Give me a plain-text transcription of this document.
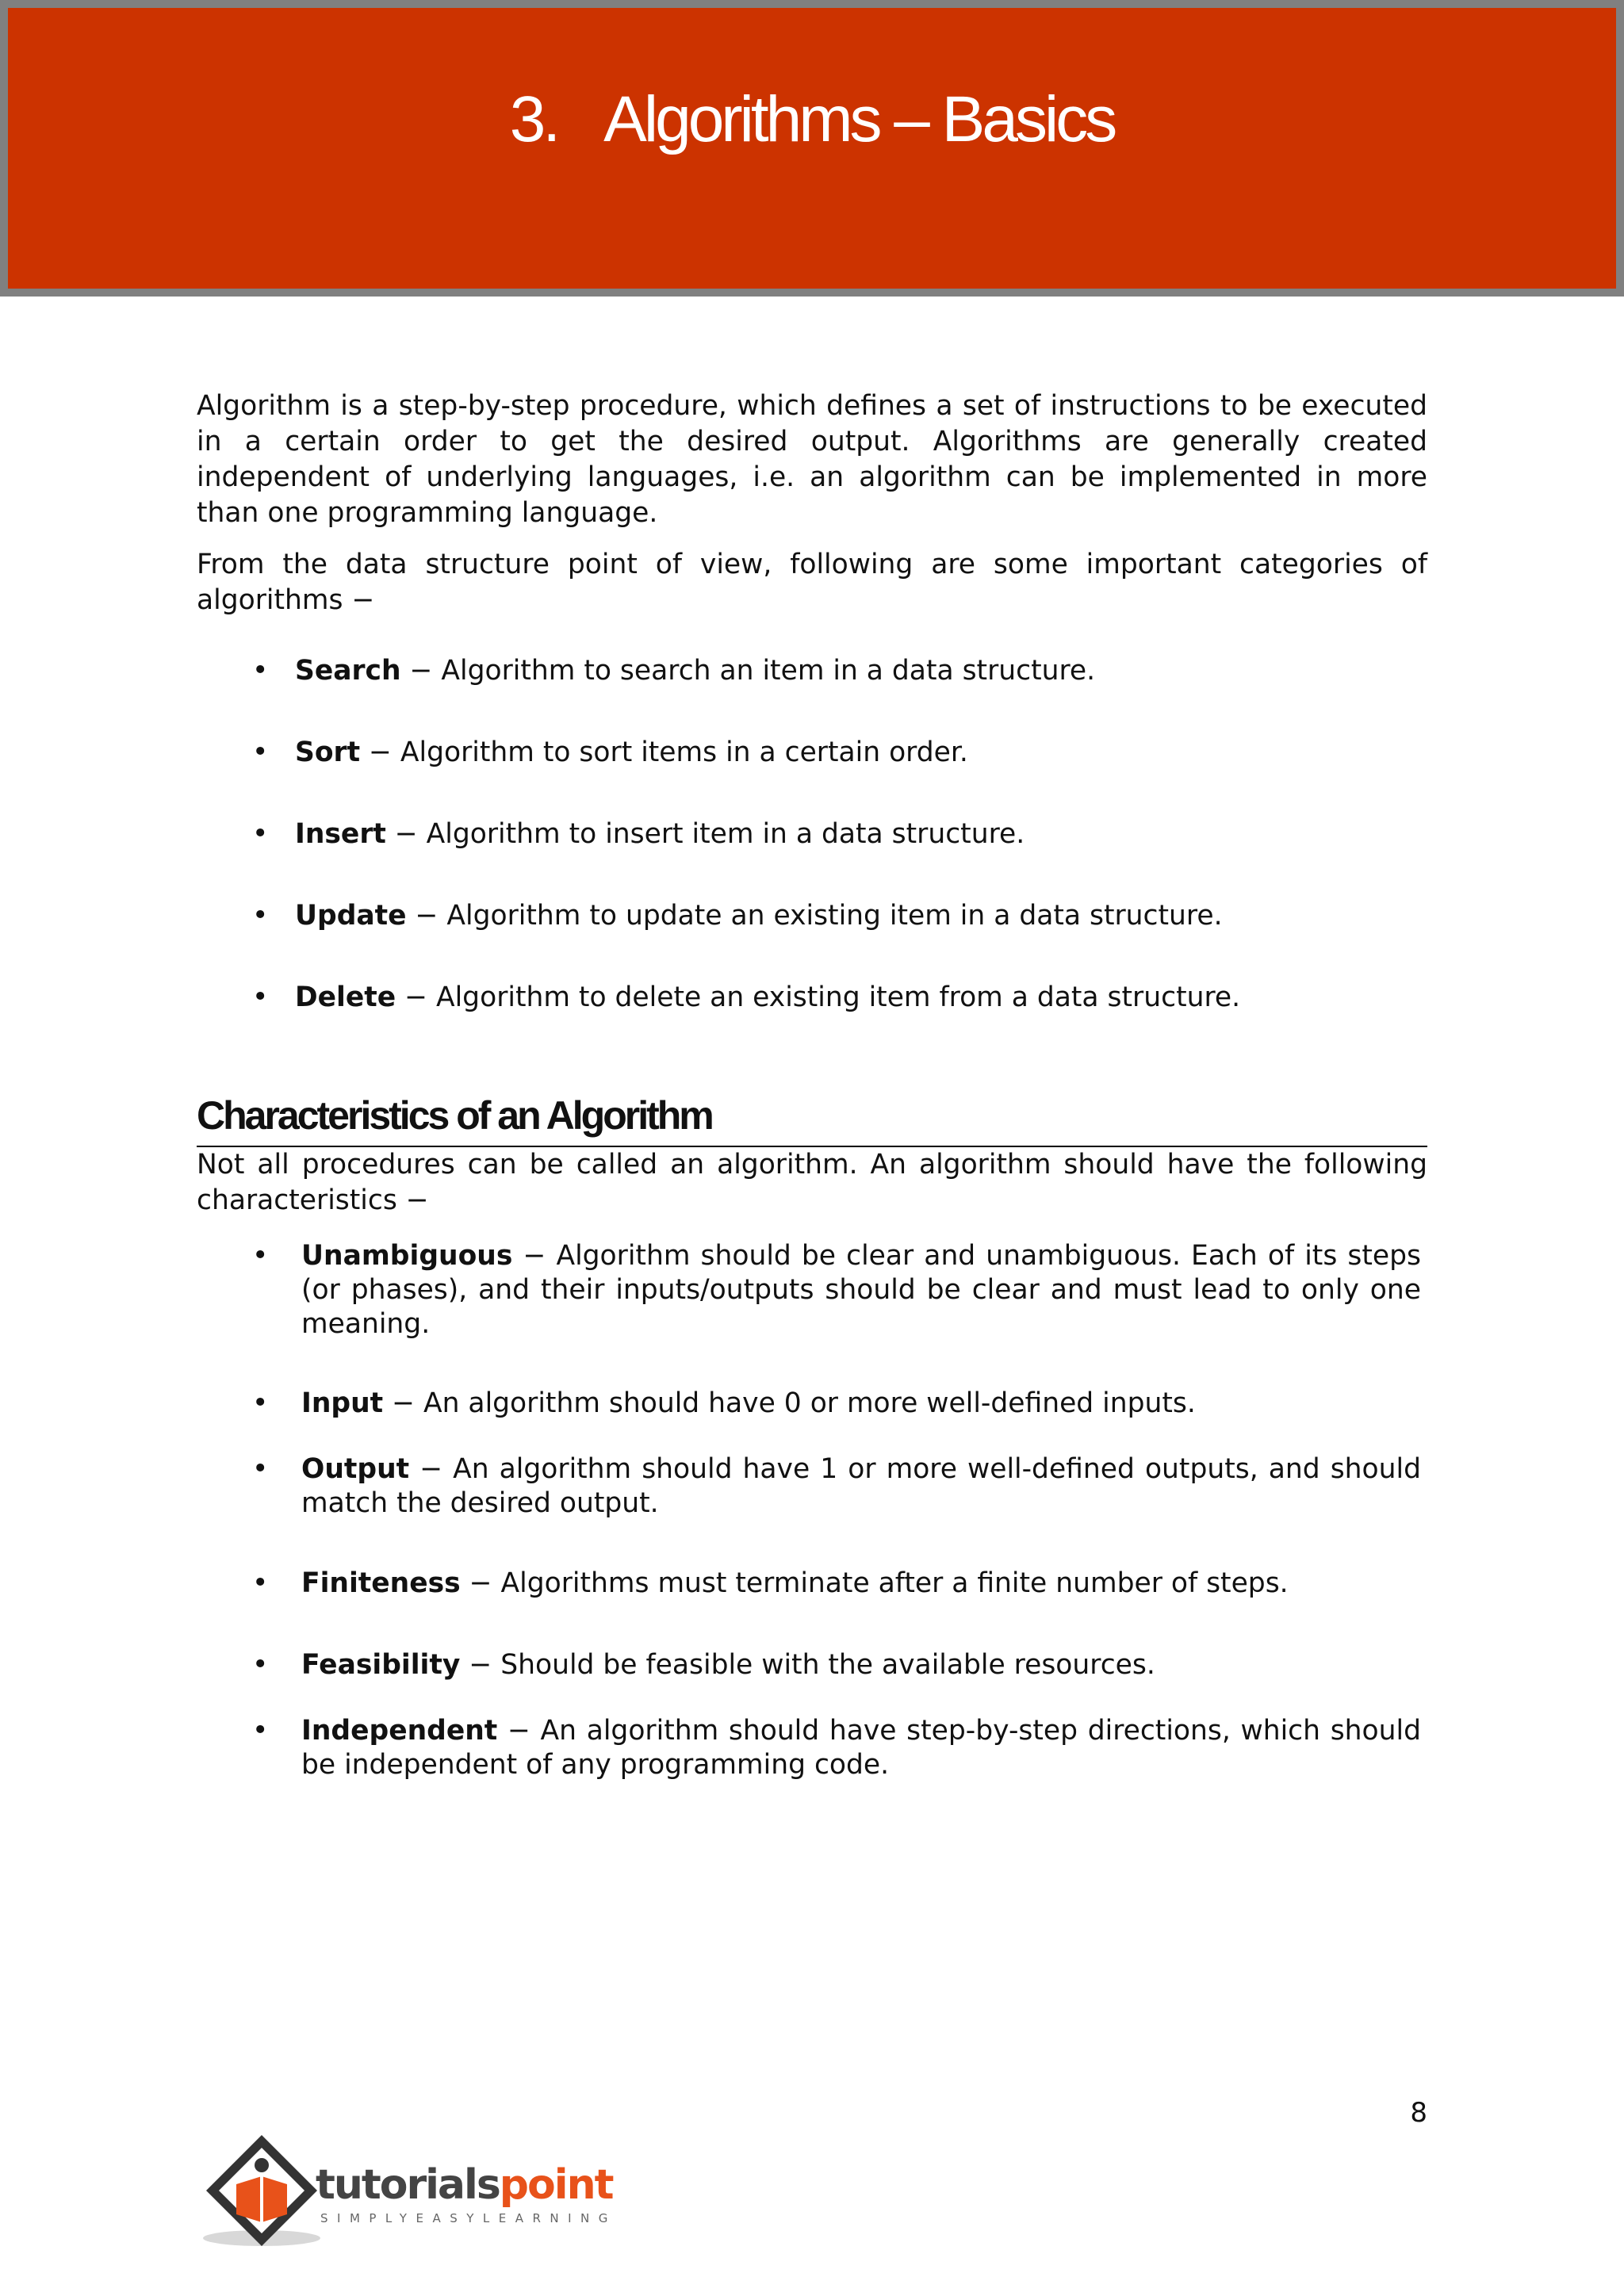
3. Algorithms – Basics

Algorithm is a step-by-step procedure, which defines a set of instructions to be executed in a certain order to get the desired output. Algorithms are generally created independent of underlying languages, i.e. an algorithm can be implemented in more than one programming language.

From the data structure point of view, following are some important categories of algorithms −

• Search − Algorithm to search an item in a data structure.
• Sort − Algorithm to sort items in a certain order.
• Insert − Algorithm to insert item in a data structure.
• Update − Algorithm to update an existing item in a data structure.
• Delete − Algorithm to delete an existing item from a data structure.
Characteristics of an Algorithm

Not all procedures can be called an algorithm. An algorithm should have the following characteristics −

• Unambiguous − Algorithm should be clear and unambiguous. Each of its steps (or phases), and their inputs/outputs should be clear and must lead to only one meaning.
• Input − An algorithm should have 0 or more well-defined inputs.
• Output − An algorithm should have 1 or more well-defined outputs, and should match the desired output.
• Finiteness − Algorithms must terminate after a finite number of steps.
• Feasibility − Should be feasible with the available resources.
• Independent − An algorithm should have step-by-step directions, which should be independent of any programming code.
8
tutorialspoint
SIMPLYEASYLEARNING
